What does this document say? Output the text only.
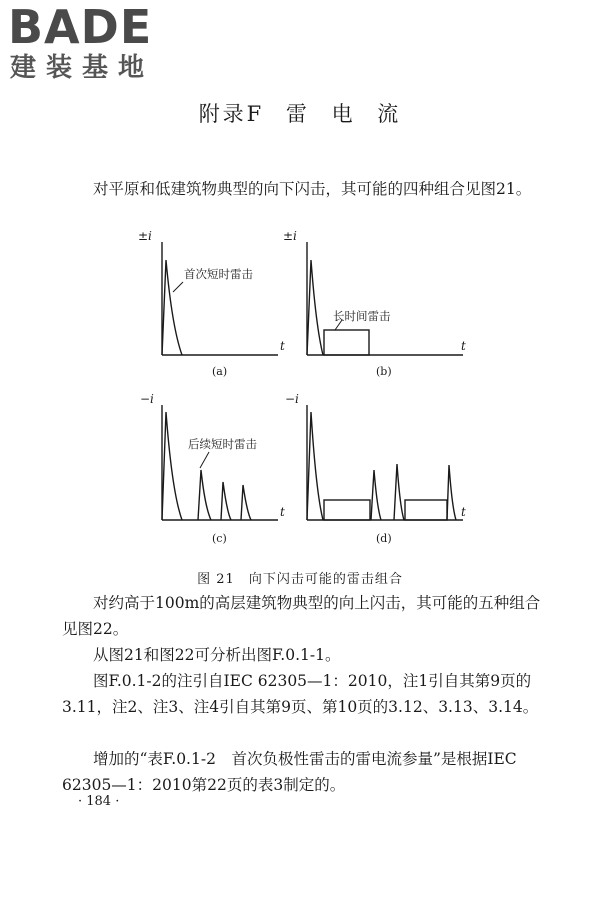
BADE
建装基地
附录F 雷 电 流

对平原和低建筑物典型的向下闪击，其可能的四种组合见图21。

±i	±i
−i	−i
t	t
t	t
首次短时雷击
长时间雷击
后续短时雷击
(a)	(b)
(c)	(d)
图 21 向下闪击可能的雷击组合

对约高于100m的高层建筑物典型的向上闪击，其可能的五种组合见图22。

从图21和图22可分析出图F.0.1-1。

图F.0.1-2的注引自IEC 62305—1：2010，注1引自其第9页的3.11，注2、注3、注4引自其第9页、第10页的3.12、3.13、3.14。

增加的“表F.0.1-2　首次负极性雷击的雷电流参量”是根据IEC 62305—1：2010第22页的表3制定的。

· 184 ·
